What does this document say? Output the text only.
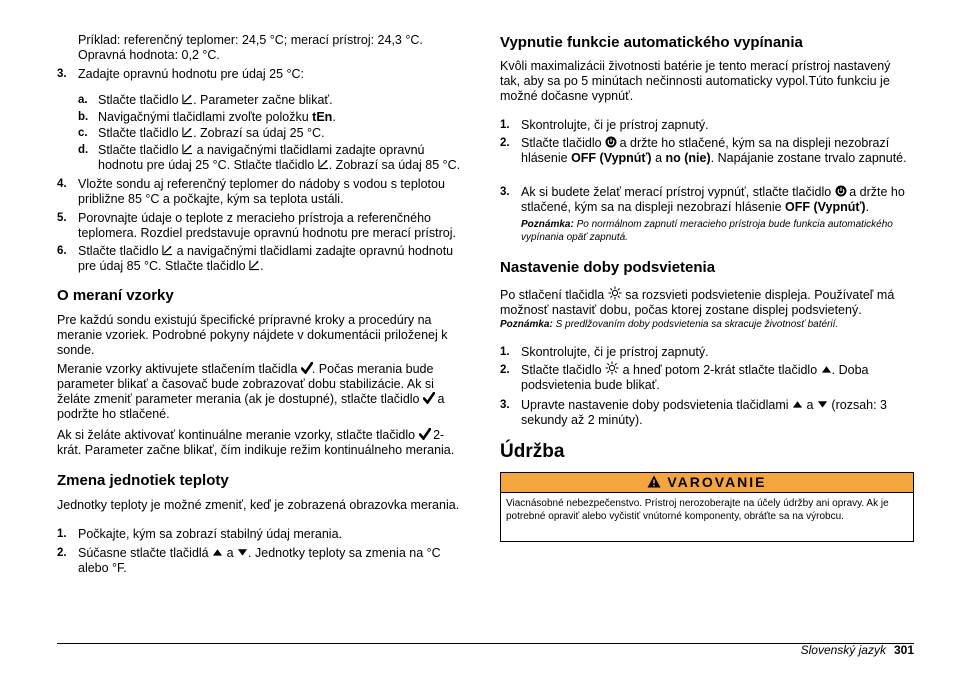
Príklad: referenčný teplomer: 24,5 °C; merací prístroj: 24,3 °C. Opravná hodnota: 0,2 °C.

3. Zadajte opravnú hodnotu pre údaj 25 °C:
a. Stlačte tlačidlo . Parameter začne blikať.
b. Navigačnými tlačidlami zvoľte položku tEn.
c. Stlačte tlačidlo . Zobrazí sa údaj 25 °C.
d. Stlačte tlačidlo a navigačnými tlačidlami zadajte opravnú hodnotu pre údaj 25 °C. Stlačte tlačidlo . Zobrazí sa údaj 85 °C.
4. Vložte sondu aj referenčný teplomer do nádoby s vodou s teplotou približne 85 °C a počkajte, kým sa teplota ustáli.
5. Porovnajte údaje o teplote z meracieho prístroja a referenčného teplomera. Rozdiel predstavuje opravnú hodnotu pre merací prístroj.
6. Stlačte tlačidlo a navigačnými tlačidlami zadajte opravnú hodnotu pre údaj 85 °C. Stlačte tlačidlo .
O meraní vzorky

Pre každú sondu existujú špecifické prípravné kroky a procedúry na meranie vzoriek. Podrobné pokyny nájdete v dokumentácii priloženej k sonde.

Meranie vzorky aktivujete stlačením tlačidla . Počas merania bude parameter blikať a časovač bude zobrazovať dobu stabilizácie. Ak si želáte zmeniť parameter merania (ak je dostupné), stlačte tlačidlo a podržte ho stlačené.

Ak si želáte aktivovať kontinuálne meranie vzorky, stlačte tlačidlo 2-krát. Parameter začne blikať, čím indikuje režim kontinuálneho merania.

Zmena jednotiek teploty

Jednotky teploty je možné zmeniť, keď je zobrazená obrazovka merania.

1. Počkajte, kým sa zobrazí stabilný údaj merania.
2. Súčasne stlačte tlačidlá a . Jednotky teploty sa zmenia na °C alebo °F.
Vypnutie funkcie automatického vypínania

Kvôli maximalizácii životnosti batérie je tento merací prístroj nastavený tak, aby sa po 5 minútach nečinnosti automaticky vypol.Túto funkciu je možné dočasne vypnúť.

1. Skontrolujte, či je prístroj zapnutý.
2. Stlačte tlačidlo a držte ho stlačené, kým sa na displeji nezobrazí hlásenie OFF (Vypnúť) a no (nie). Napájanie zostane trvalo zapnuté.
3. Ak si budete želať merací prístroj vypnúť, stlačte tlačidlo a držte ho stlačené, kým sa na displeji nezobrazí hlásenie OFF (Vypnúť).

Poznámka: Po normálnom zapnutí meracieho prístroja bude funkcia automatického vypínania opäť zapnutá.

Nastavenie doby podsvietenia

Po stlačení tlačidla sa rozsvieti podsvietenie displeja. Používateľ má možnosť nastaviť dobu, počas ktorej zostane displej podsvietený.

Poznámka: S predlžovaním doby podsvietenia sa skracuje životnosť batérií.

1. Skontrolujte, či je prístroj zapnutý.
2. Stlačte tlačidlo a hneď potom 2-krát stlačte tlačidlo . Doba podsvietenia bude blikať.
3. Upravte nastavenie doby podsvietenia tlačidlami a (rozsah: 3 sekundy až 2 minúty).
Údržba
VAROVANIE
Viacnásobné nebezpečenstvo. Prístroj nerozoberajte na účely údržby ani opravy. Ak je potrebné opraviť alebo vyčistiť vnútorné komponenty, obráťte sa na výrobcu.
Slovenský jazyk 301
